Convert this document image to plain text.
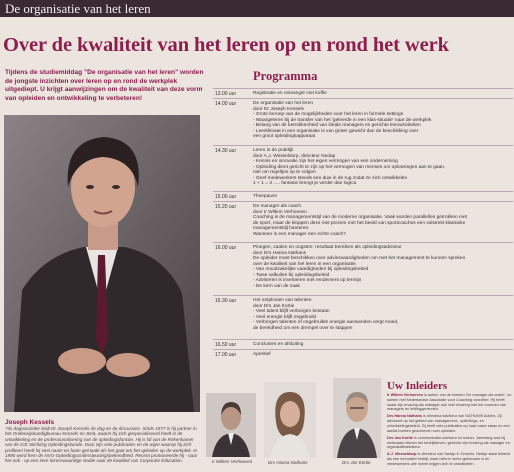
De organisatie van het leren
Over de kwaliteit van het leren op en rond het werk
Tijdens de studiemiddag "De organisatie van het leren" worden de jongste inzichten over leren op en rond de werkplek uitgediept. U krijgt aanwijzingen om de kwaliteit van deze vorm van opleiden en ontwikkeling te verbeteren!
Joseph Kessels
'Als dagvoorzitter leidt Dr Joseph Kessels de dag en de discussies. Sinds 1977 is hij partner in het Onderwijskundigbureau Kessels en Smit, waarin hij zich gespecialiseerd heeft in de ontwikkeling en de professionalisering van de opleidingsfunctie. Hij is lid van de Rekenkamer van de ICE Stichting Opleidingskunde. Door zijn vele publicaties en de wijze waarop hij zich profileert heeft hij veel naam en faam gemaakt als het gaat om het opleiden op de werkplek. In 1990 werd hem de NVO-Opleidingsondersteuningsbekendheid. Recent promoveerde hij - naar het ook - op een zeer lezenswaardige studie naar de kwaliteit van Corporate Education.
Programma
13.00 uur	Registratie en ontvangst met koffie
14.00 uur	De organisatie van het leren
door Dr Joseph Kessels
- Grote beroep van de mogelijkheden voor het leren in formele settings
- Waargeleren bij de transfer van het 'geleerde in een klas-situatie' naar de werkplek
- Belang van de betrokkenheid van lokale managers en gerichte leeractiviteiten
- Leerklimaat in een organisatie is van groter gewicht dan de beschikking over
een groot opleidingsapparaat
14.30 uur	Leren in de praktijk
door A.J. Wesseldorp, directeur Nedap
- Kennis en innovatie zijn het eigen vermogen van een onderneming
- Opleiding dient gericht te zijn op het vermogen van mensen om oplossingen aan te gaan,
niet om regeltjes op te volgen
- Geef medewerkers steeds een duw in de rug zodat ze zich ontwikkelen
1 + 1 = 3 ..... fantasie brengt je verder dan logica
15.00 uur	Theepauze
15.20 uur	De manager als coach
door Ir Willem Verhoeven
Coaching is de managementstijl van de moderne organisatie. Vaak worden parallellen getrokken met
de sport, maar de kloppen deze niet precies met het beeld van sportcoaches een volstrekt klassieke
managementstijl hanteren.
Wanneer is een manager een echte coach?
16.00 uur	Ploegen, zaalen en oogsten: resultaat bereiken als opleidingsadviseur
door Drs Hanna Nathans
De opleider moet beschikken over adviesvaardigheden om met het management te kunnen spreken
over de kwaliteit van het leren in een organisatie.
- Van moodzakelijke vaardigheden bij opleidingsbeleid
- Twee valkuilen bij opleidingsbeleid
- Adviseren is investeren met rendement op termijn
- De kern van de zaak
16.30 uur	Het ontplooien van talenten
door Drs Jan Kortie
- Veel talent blijft verborgen bestaan
- Veel energie blijft ongebruikt
- Verborgen talenten of ongebruikte energie aanwenden vergt moed,
de bereidheid om een drempel over te stappen
16.50 uur	Conclusies en afsluiting
17.00 uur	Aperitief
Ir Willem Verhoeven	Drs Hanna Nathans	Drs Jan Kortie
Uw Inleiders

Ir Willem Verhoeven is auteur van de boeken 'De manager als coach', en samen met Nederlandse Associatie voor Coaching voorzitter. Hij heeft naast zijn ervaring als manager ook veel ervaring met het coachen van managers en leidinggevenden.

Drs Hanna Nathans is directeur/adviseur van NATHANS Advies. Zij adviseert op het gebied van management-, opleidings- en ontwikkelingsbeleid. Zij heeft vele publicaties op haar naam staan en een aantal boeken geschreven over opleiden.

Drs Jan Kortie is communicatie-adviseur en trainer. Jarenlang was hij werkzaam binnen het bedrijfsleven, gebruikt zijn ervaring als manager en organisatieadviseur.

A.J. Wesseldorp is directeur van Nedap in Groenlo. Nedap staat bekend als een innovatief bedrijf, waar niets in steen gehouwen is en medewerkers alle ruimte krijgen zich te ontwikkelen.
